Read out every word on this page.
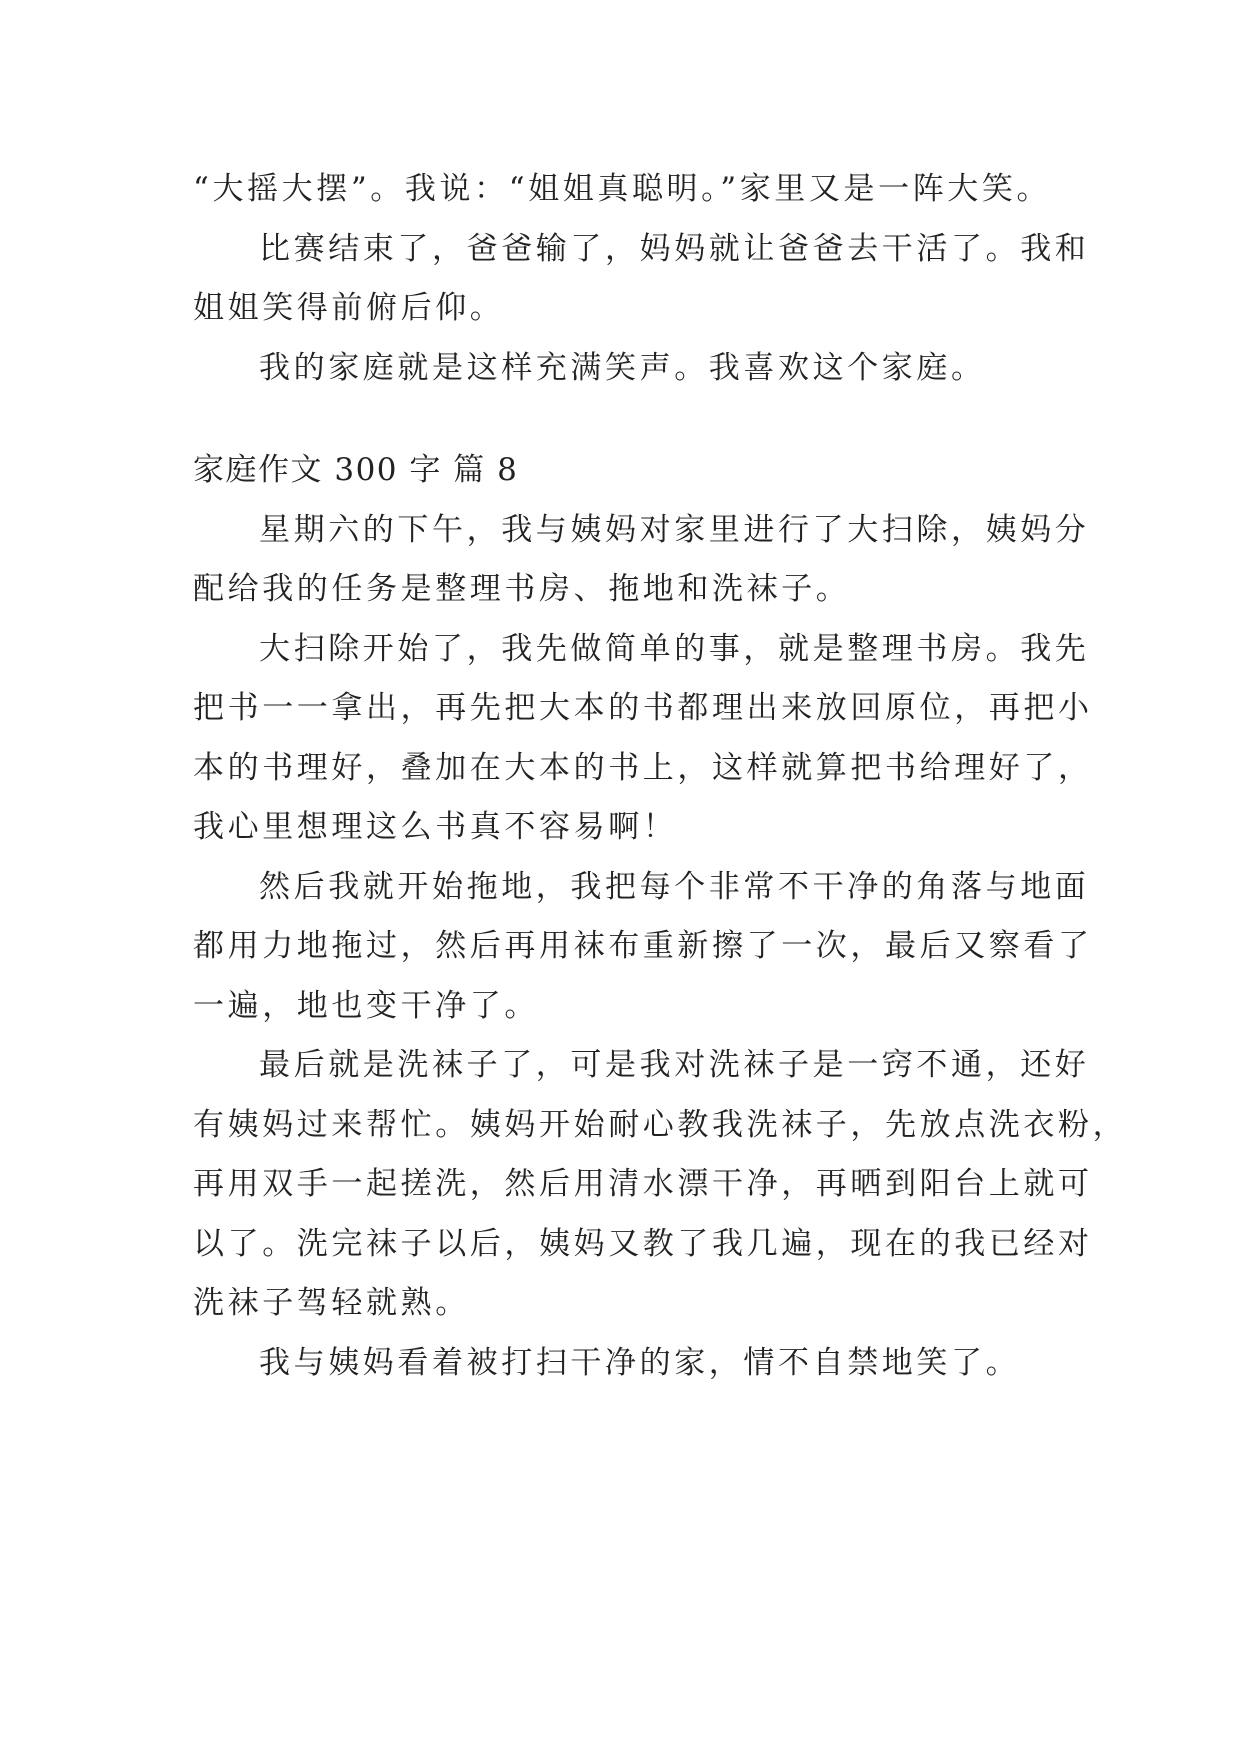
“大摇大摆”。我说：“姐姐真聪明。”家里又是一阵大笑。
比赛结束了，爸爸输了，妈妈就让爸爸去干活了。我和
姐姐笑得前俯后仰。
我的家庭就是这样充满笑声。我喜欢这个家庭。
家庭作文 300 字 篇 8
星期六的下午，我与姨妈对家里进行了大扫除，姨妈分
配给我的任务是整理书房、拖地和洗袜子。
大扫除开始了，我先做简单的事，就是整理书房。我先
把书一一拿出，再先把大本的书都理出来放回原位，再把小
本的书理好，叠加在大本的书上，这样就算把书给理好了，
我心里想理这么书真不容易啊！
然后我就开始拖地，我把每个非常不干净的角落与地面
都用力地拖过，然后再用袜布重新擦了一次，最后又察看了
一遍，地也变干净了。
最后就是洗袜子了，可是我对洗袜子是一窍不通，还好
有姨妈过来帮忙。姨妈开始耐心教我洗袜子，先放点洗衣粉，
再用双手一起搓洗，然后用清水漂干净，再晒到阳台上就可
以了。洗完袜子以后，姨妈又教了我几遍，现在的我已经对
洗袜子驾轻就熟。
我与姨妈看着被打扫干净的家，情不自禁地笑了。
